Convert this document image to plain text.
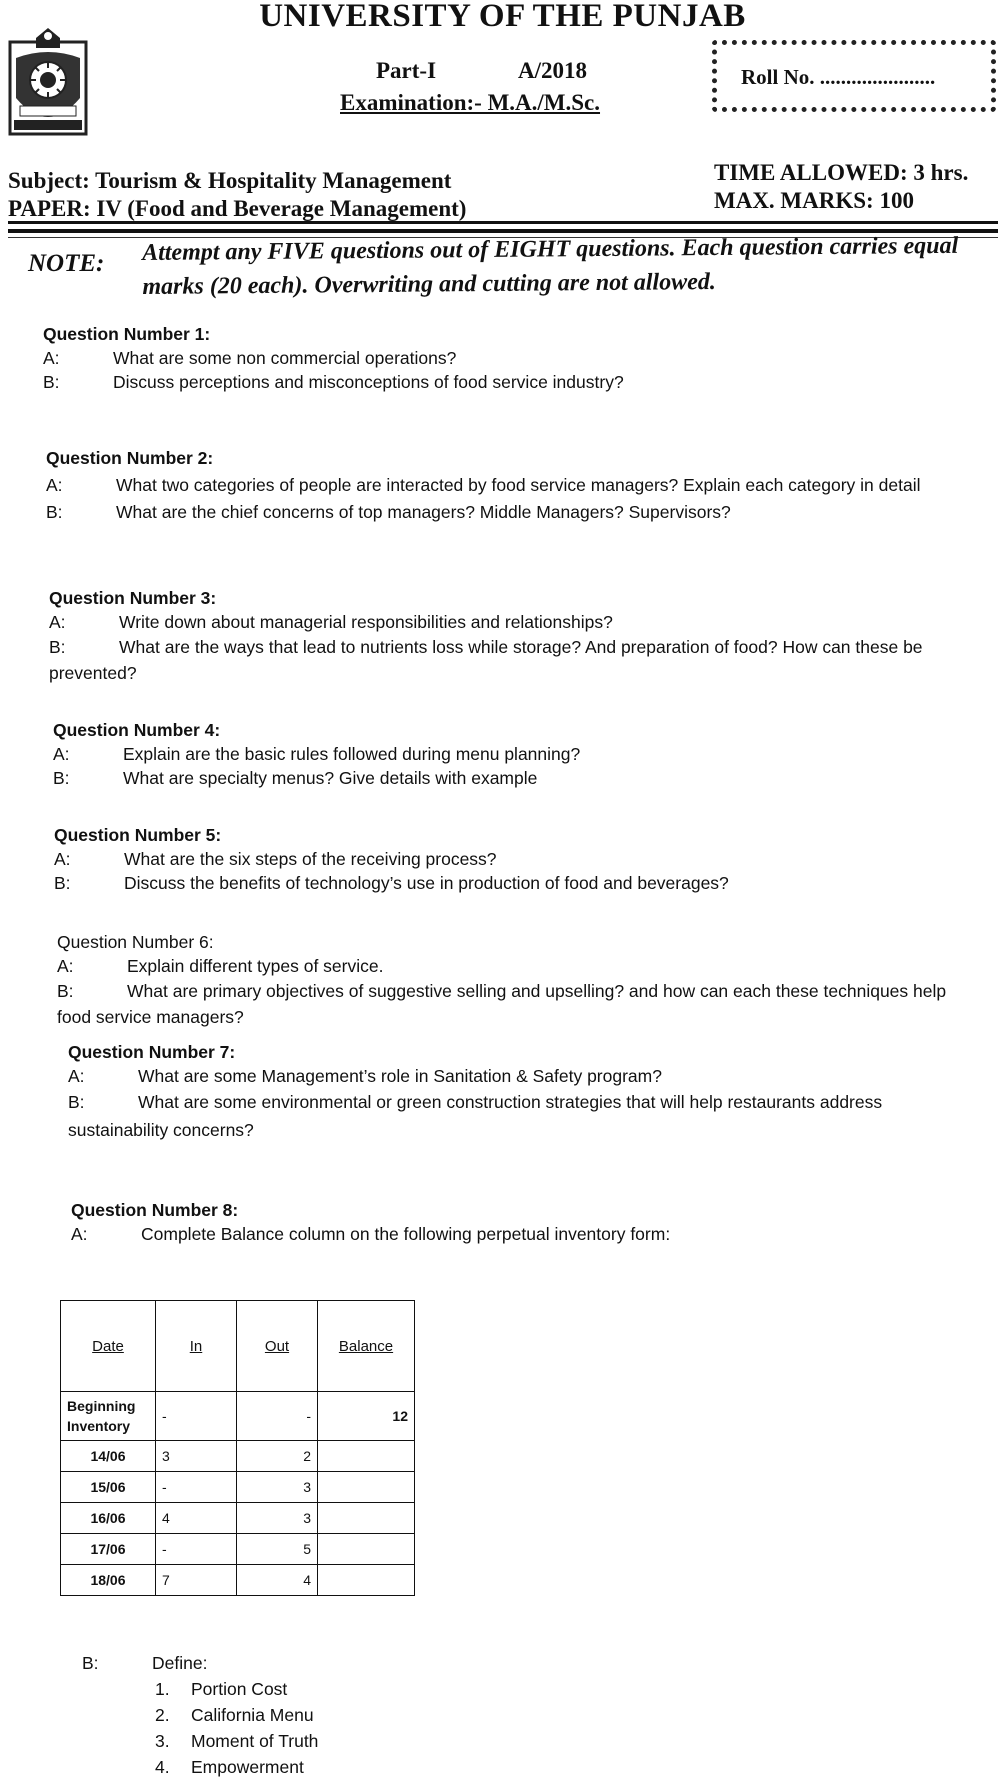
UNIVERSITY OF THE PUNJAB
Part-I	A/2018
Examination:- M.A./M.Sc.
Roll No. ......................
Subject: Tourism & Hospitality Management
PAPER: IV (Food and Beverage Management)
TIME ALLOWED: 3 hrs.
MAX. MARKS: 100
NOTE: Attempt any FIVE questions out of EIGHT questions. Each question carries equal marks (20 each). Overwriting and cutting are not allowed.
Question Number 1:
A:	What are some non commercial operations?
B:	Discuss perceptions and misconceptions of food service industry?
Question Number 2:
A:	What two categories of people are interacted by food service managers? Explain each category in detail
B:	What are the chief concerns of top managers? Middle Managers? Supervisors?
Question Number 3:
A:	Write down about managerial responsibilities and relationships?
B:	What are the ways that lead to nutrients loss while storage? And preparation of food? How can these be prevented?
Question Number 4:
A:	Explain are the basic rules followed during menu planning?
B:	What are specialty menus? Give details with example
Question Number 5:
A:	What are the six steps of the receiving process?
B:	Discuss the benefits of technology’s use in production of food and beverages?
Question Number 6:
A:	Explain different types of service.
B:	What are primary objectives of suggestive selling and upselling? and how can each these techniques help food service managers?
Question Number 7:
A:	What are some Management’s role in Sanitation & Safety program?
B:	What are some environmental or green construction strategies that will help restaurants address sustainability concerns?
Question Number 8:
A:	Complete Balance column on the following perpetual inventory form:
Date	In	Out	Balance
Beginning Inventory	-	-	12
14/06	3	2	
15/06	-	3	
16/06	4	3	
17/06	-	5	
18/06	7	4	
B:	Define:
1. Portion Cost
2. California Menu
3. Moment of Truth
4. Empowerment
